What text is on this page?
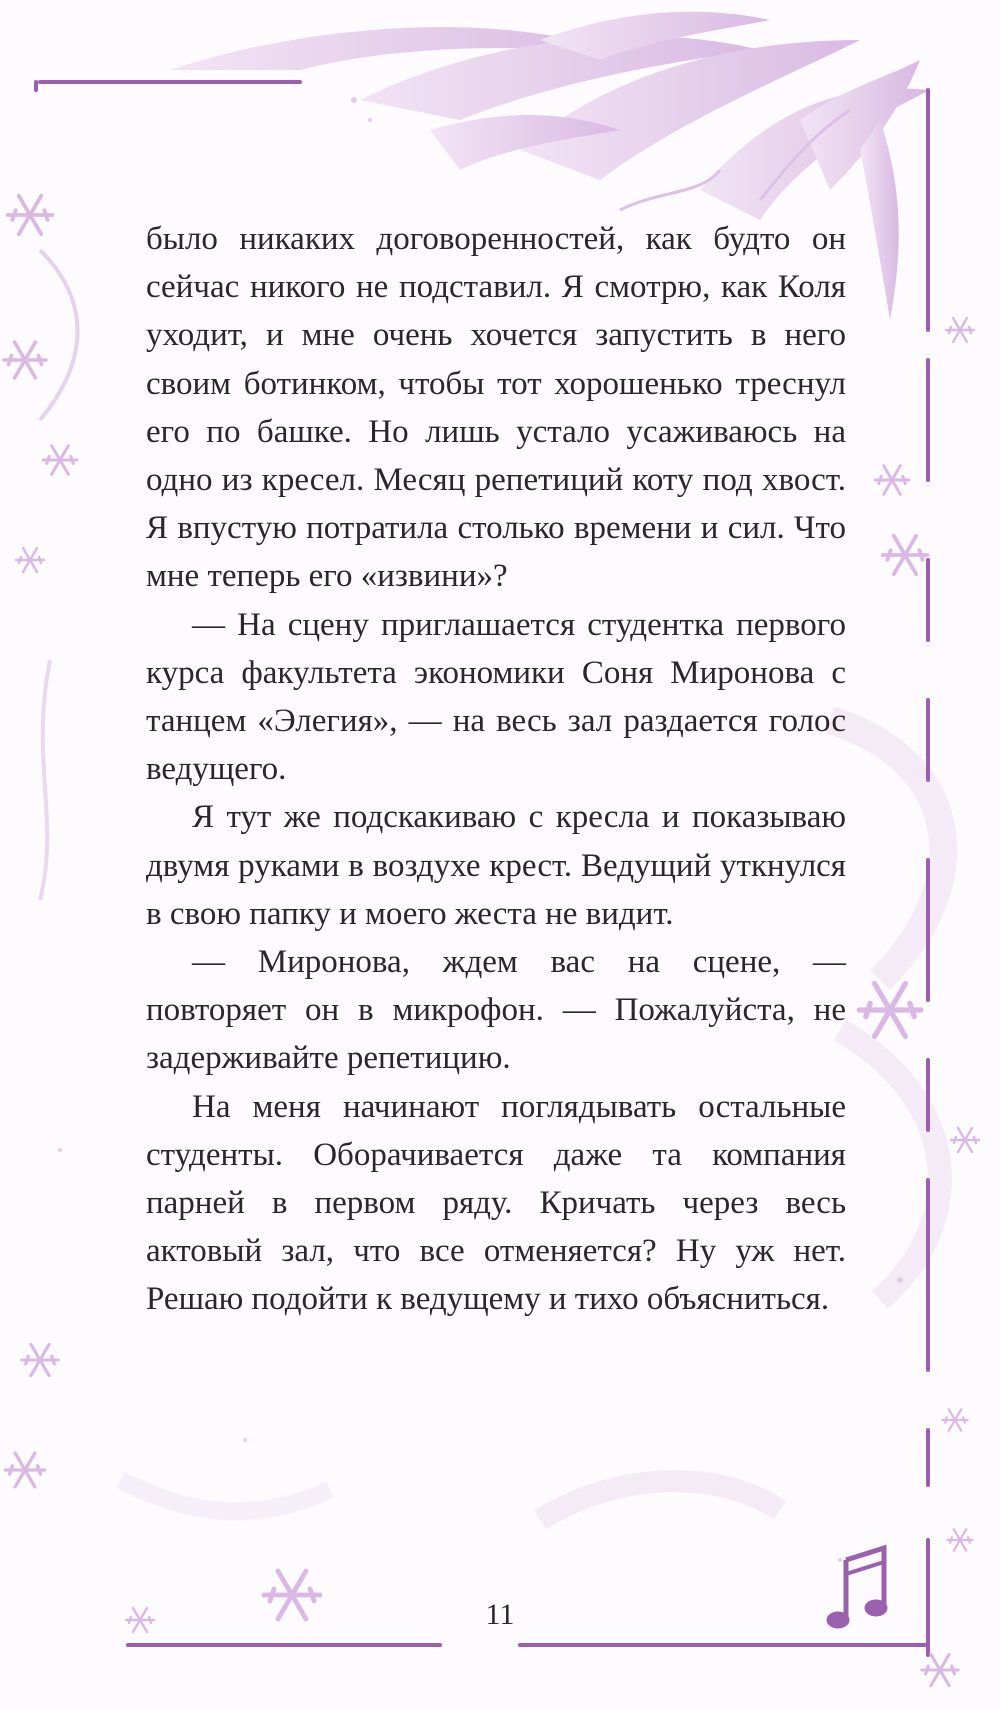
было никаких договоренностей, как будто он сейчас никого не подставил. Я смотрю, как Коля уходит, и мне очень хочется запустить в него своим ботинком, чтобы тот хорошенько треснул его по башке. Но лишь устало усаживаюсь на одно из кресел. Месяц репетиций коту под хвост. Я впустую потратила столько времени и сил. Что мне теперь его «извини»?

— На сцену приглашается студентка первого курса факультета экономики Соня Миронова с танцем «Элегия», — на весь зал раздается голос ведущего.

Я тут же подскакиваю с кресла и показываю двумя руками в воздухе крест. Ведущий уткнулся в свою папку и моего жеста не видит.

— Миронова, ждем вас на сцене, — повторяет он в микрофон. — Пожалуйста, не задерживайте репетицию.

На меня начинают поглядывать остальные студенты. Оборачивается даже та компания парней в первом ряду. Кричать через весь актовый зал, что все отменяется? Ну уж нет. Решаю подойти к ведущему и тихо объясниться.

11
